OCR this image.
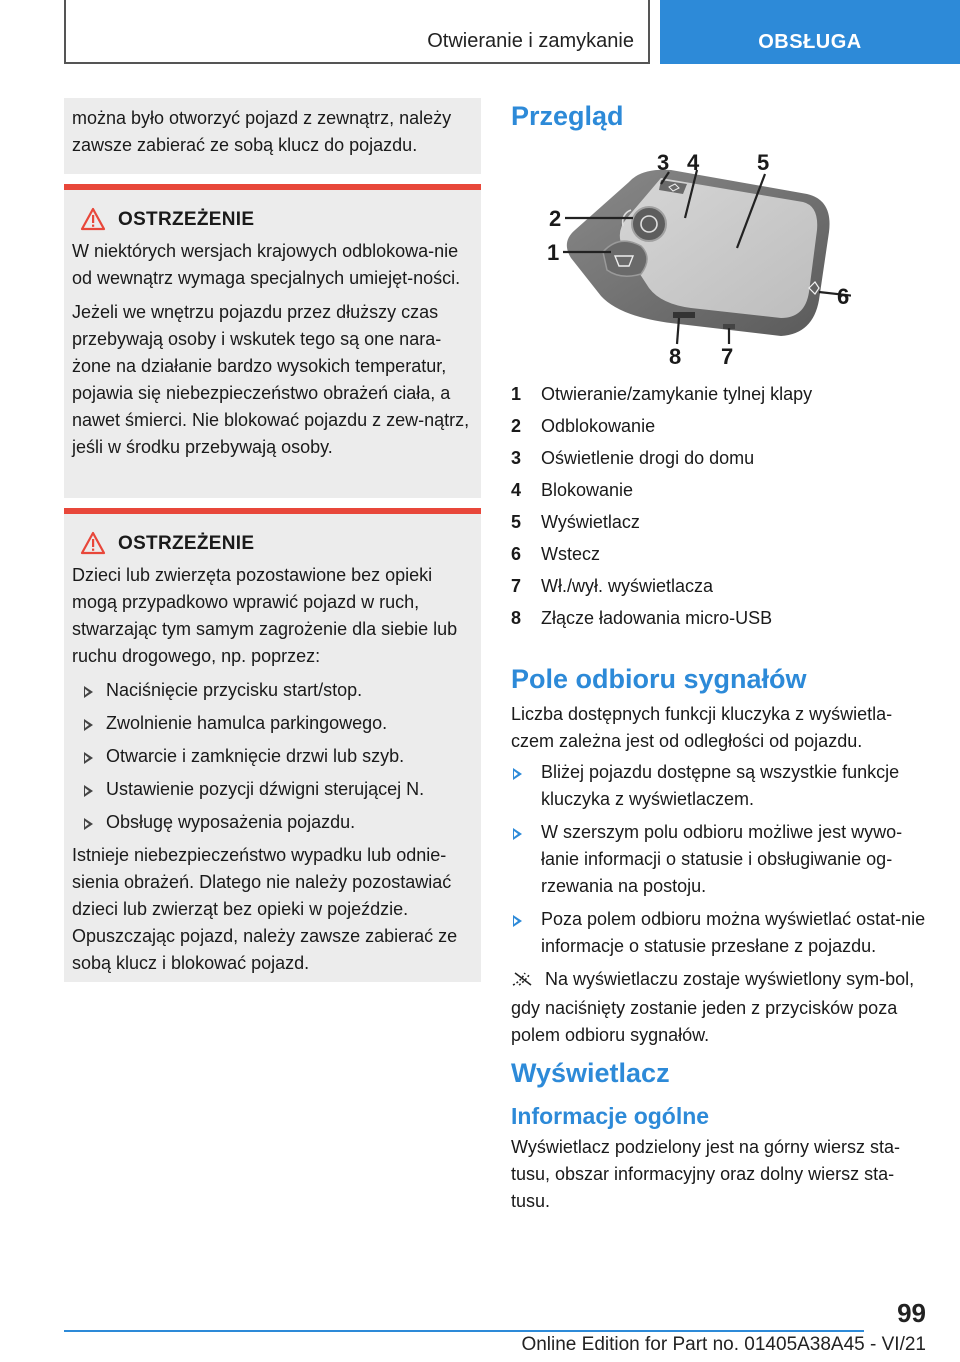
Otwieranie i zamykanie	OBSŁUGA
można było otworzyć pojazd z zewnątrz, należy zawsze zabierać ze sobą klucz do pojazdu.
OSTRZEŻENIE

W niektórych wersjach krajowych odblokowa-nie od wewnątrz wymaga specjalnych umiejęt-ności.

Jeżeli we wnętrzu pojazdu przez dłuższy czas przebywają osoby i wskutek tego są one nara-żone na działanie bardzo wysokich temperatur, pojawia się niebezpieczeństwo obrażeń ciała, a nawet śmierci. Nie blokować pojazdu z zew-nątrz, jeśli w środku przebywają osoby.

OSTRZEŻENIE

Dzieci lub zwierzęta pozostawione bez opieki mogą przypadkowo wprawić pojazd w ruch, stwarzając tym samym zagrożenie dla siebie lub ruchu drogowego, np. poprzez:

Naciśnięcie przycisku start/stop.
Zwolnienie hamulca parkingowego.
Otwarcie i zamknięcie drzwi lub szyb.
Ustawienie pozycji dźwigni sterującej N.
Obsługę wyposażenia pojazdu.

Istnieje niebezpieczeństwo wypadku lub odnie-sienia obrażeń. Dlatego nie należy pozostawiać dzieci lub zwierząt bez opieki w pojeździe. Opuszczając pojazd, należy zawsze zabierać ze sobą klucz i blokować pojazd.

Przegląd
1
2
3 4	5
6
7
8
1 Otwieranie/zamykanie tylnej klapy
2 Odblokowanie
3 Oświetlenie drogi do domu
4 Blokowanie
5 Wyświetlacz
6 Wstecz
7 Wł./wył. wyświetlacza
8 Złącze ładowania micro-USB
Pole odbioru sygnałów

Liczba dostępnych funkcji kluczyka z wyświetla-czem zależna jest od odległości od pojazdu.

Bliżej pojazdu dostępne są wszystkie funkcje kluczyka z wyświetlaczem.
W szerszym polu odbioru możliwe jest wywo-łanie informacji o statusie i obsługiwanie og-rzewania na postoju.
Poza polem odbioru można wyświetlać ostat-nie informacje o statusie przesłane z pojazdu.

Na wyświetlaczu zostaje wyświetlony sym-bol, gdy naciśnięty zostanie jeden z przycisków poza polem odbioru sygnałów.

Wyświetlacz
Informacje ogólne

Wyświetlacz podzielony jest na górny wiersz sta-tusu, obszar informacyjny oraz dolny wiersz sta-tusu.

99
Online Edition for Part no. 01405A38A45 - VI/21
